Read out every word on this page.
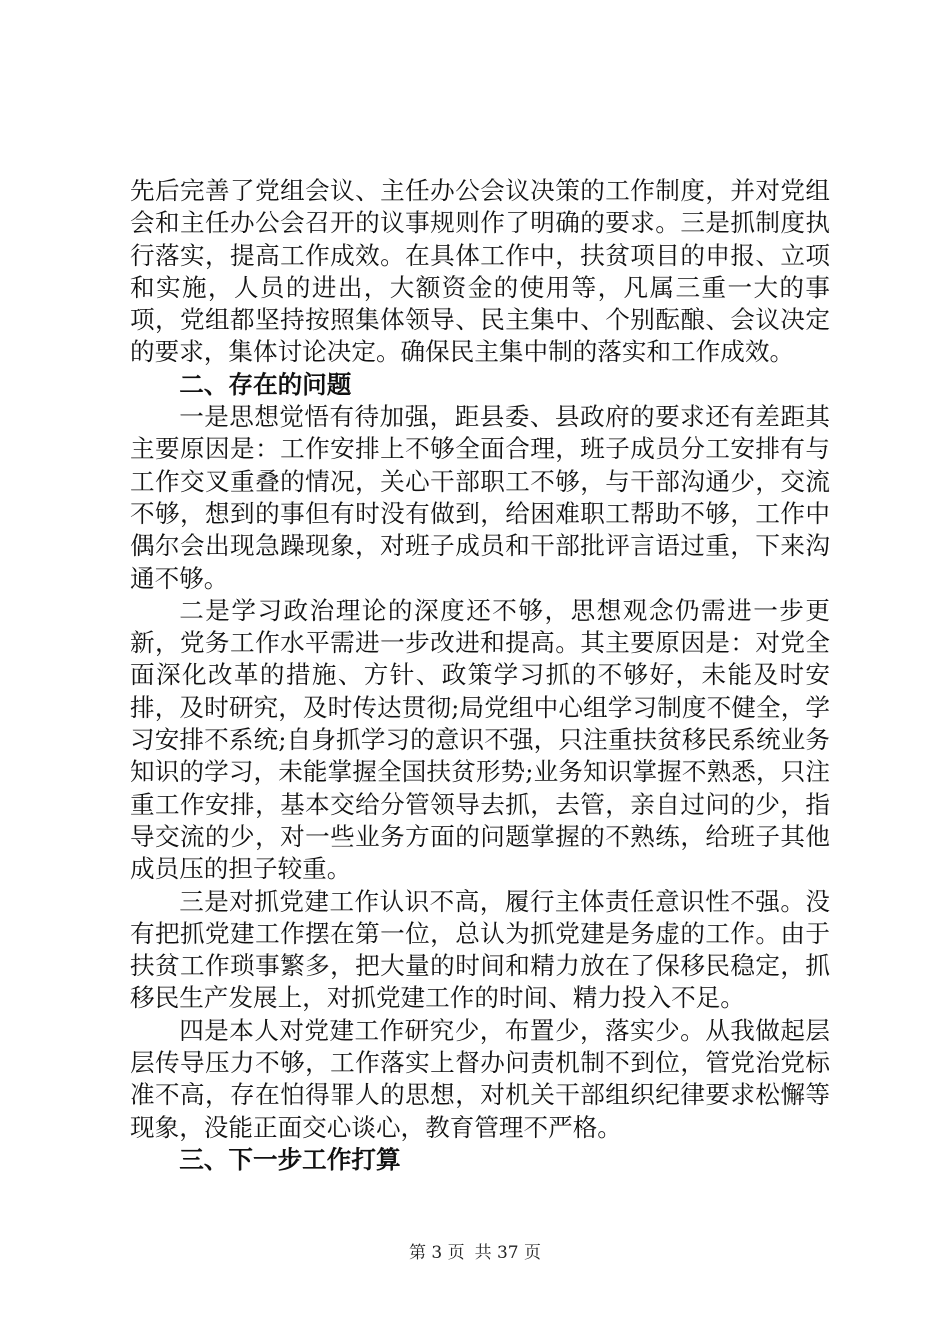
先后完善了党组会议、主任办公会议决策的工作制度，并对党组会和主任办公会召开的议事规则作了明确的要求。三是抓制度执行落实，提高工作成效。在具体工作中，扶贫项目的申报、立项和实施，人员的进出，大额资金的使用等，凡属三重一大的事项，党组都坚持按照集体领导、民主集中、个别酝酿、会议决定的要求，集体讨论决定。确保民主集中制的落实和工作成效。

二、存在的问题

一是思想觉悟有待加强，距县委、县政府的要求还有差距其主要原因是：工作安排上不够全面合理，班子成员分工安排有与工作交叉重叠的情况，关心干部职工不够，与干部沟通少，交流不够，想到的事但有时没有做到，给困难职工帮助不够，工作中偶尔会出现急躁现象，对班子成员和干部批评言语过重，下来沟通不够。

二是学习政治理论的深度还不够，思想观念仍需进一步更新，党务工作水平需进一步改进和提高。其主要原因是：对党全面深化改革的措施、方针、政策学习抓的不够好，未能及时安排，及时研究，及时传达贯彻;局党组中心组学习制度不健全，学习安排不系统;自身抓学习的意识不强，只注重扶贫移民系统业务知识的学习，未能掌握全国扶贫形势;业务知识掌握不熟悉，只注重工作安排，基本交给分管领导去抓，去管，亲自过问的少，指导交流的少，对一些业务方面的问题掌握的不熟练，给班子其他成员压的担子较重。

三是对抓党建工作认识不高，履行主体责任意识性不强。没有把抓党建工作摆在第一位，总认为抓党建是务虚的工作。由于扶贫工作琐事繁多，把大量的时间和精力放在了保移民稳定，抓移民生产发展上，对抓党建工作的时间、精力投入不足。

四是本人对党建工作研究少，布置少，落实少。从我做起层层传导压力不够，工作落实上督办问责机制不到位，管党治党标准不高，存在怕得罪人的思想，对机关干部组织纪律要求松懈等现象，没能正面交心谈心，教育管理不严格。

三、下一步工作打算

第 3 页 共 37 页
